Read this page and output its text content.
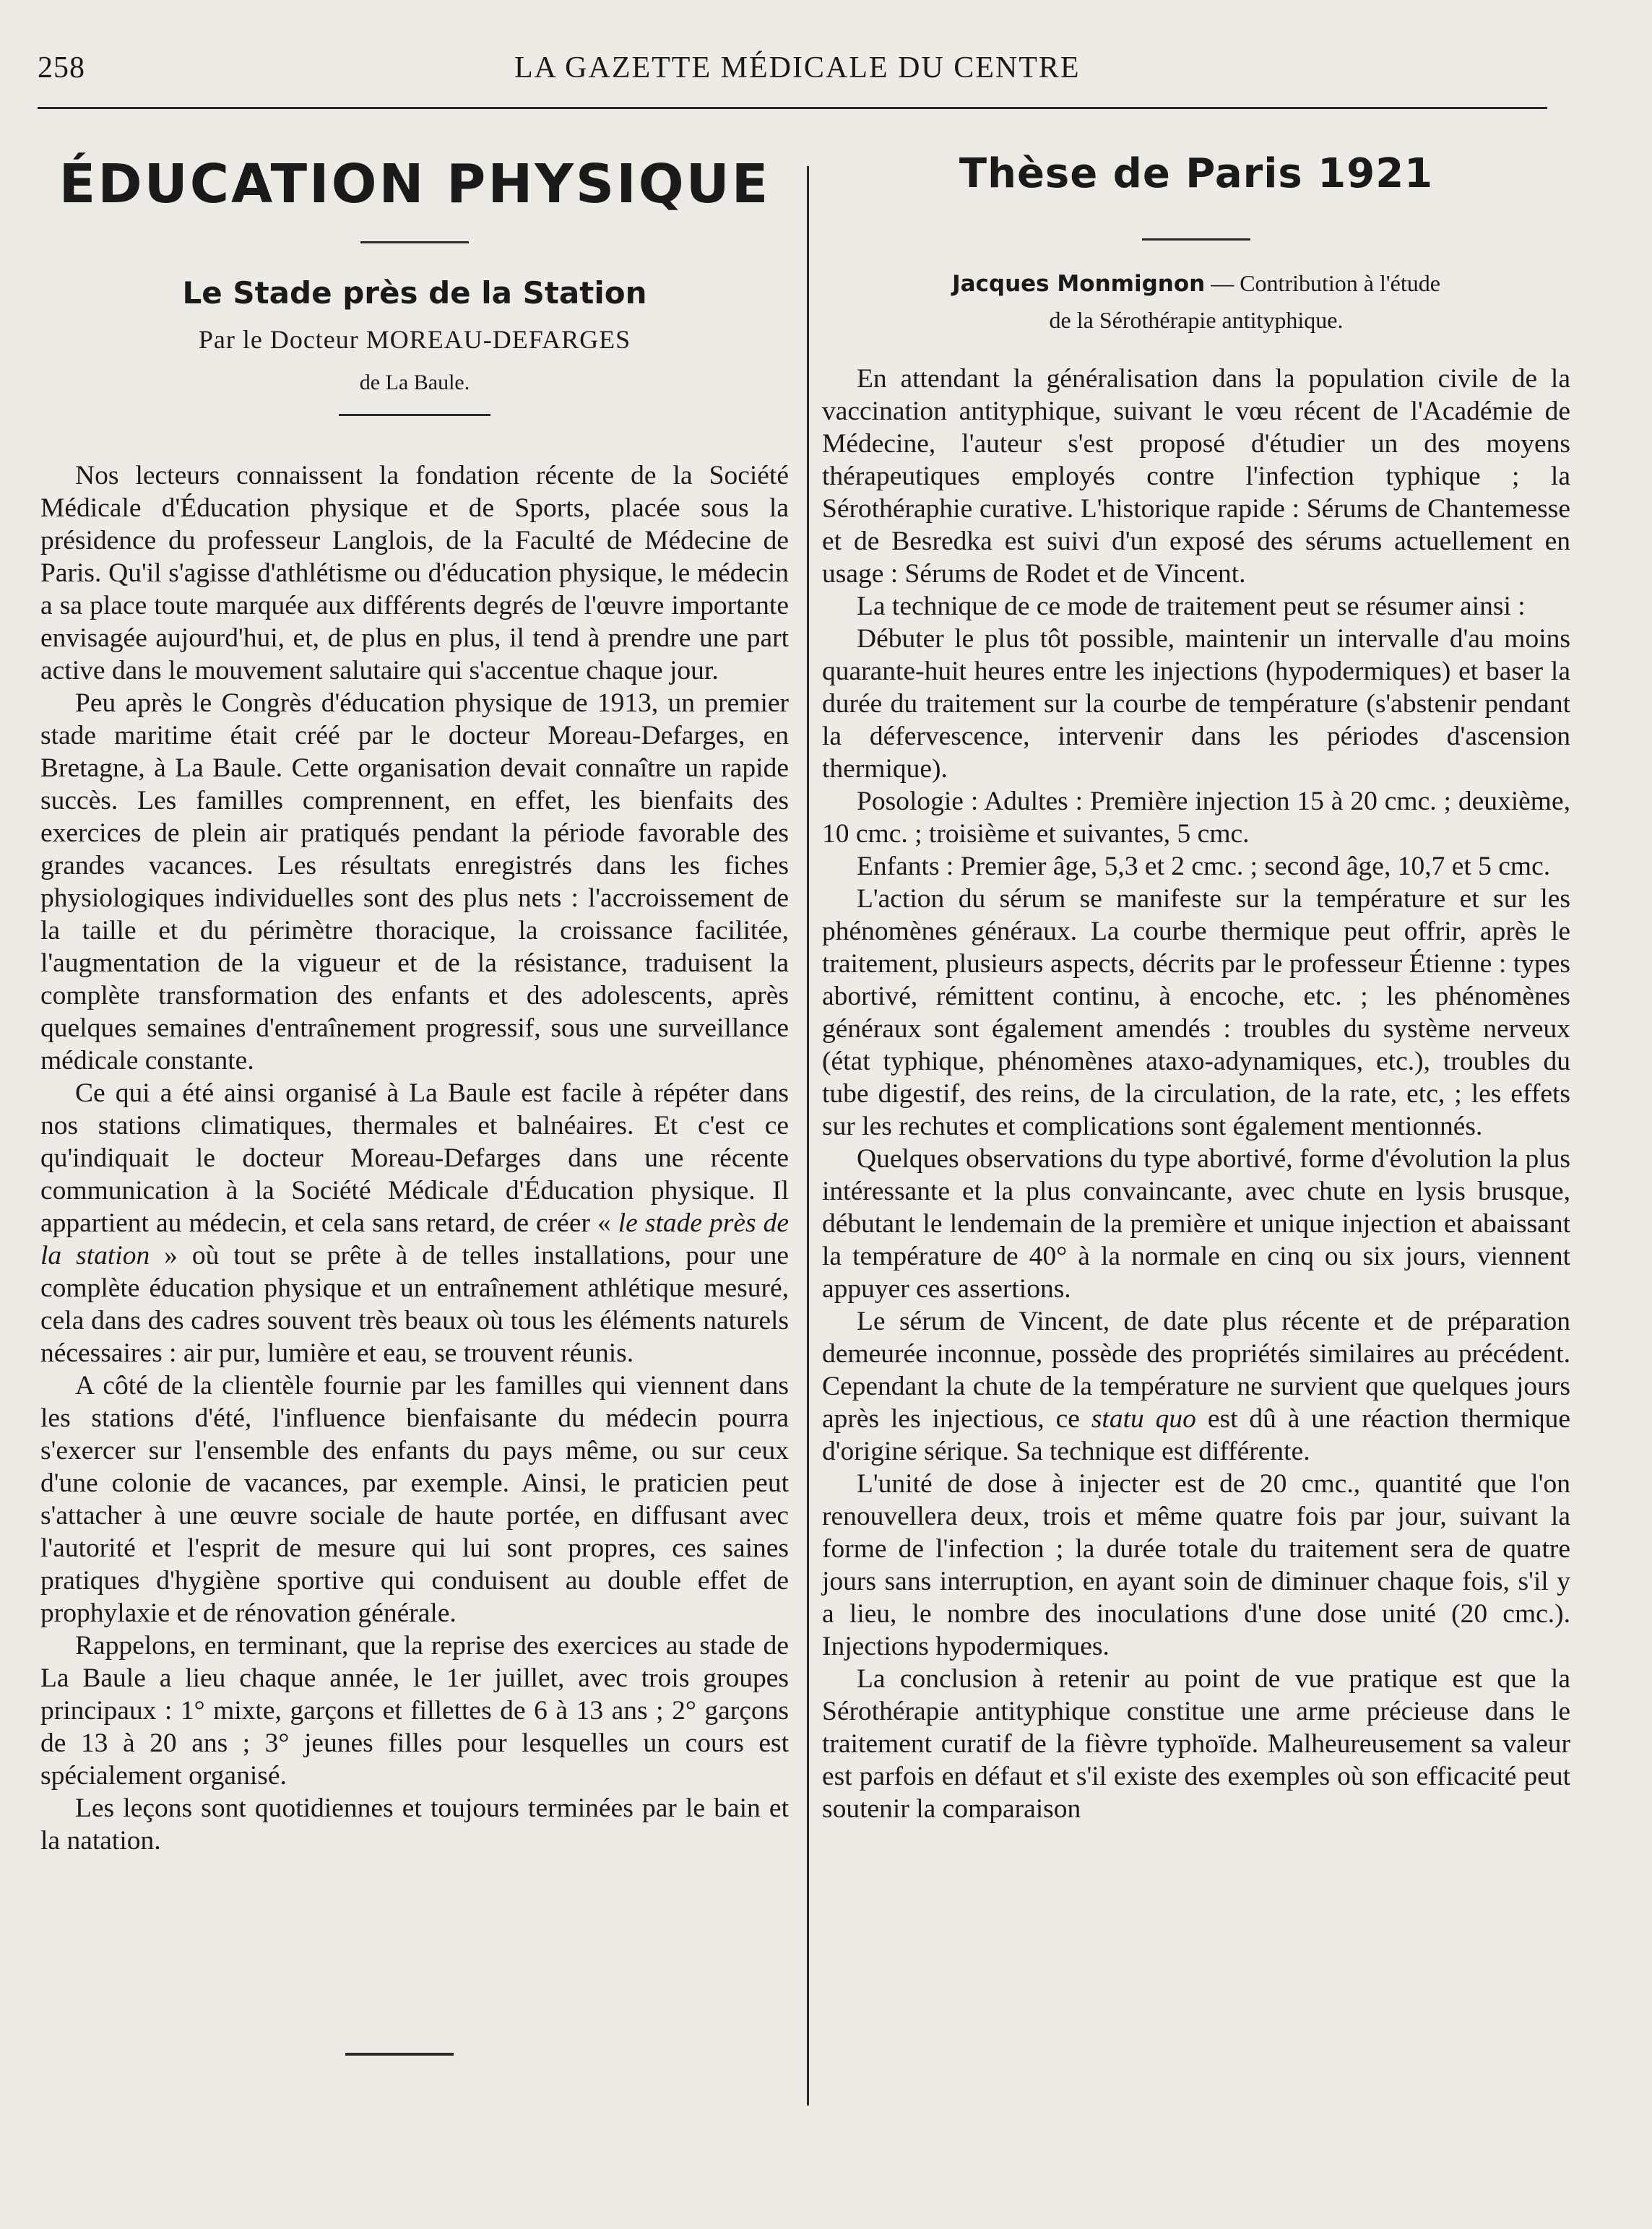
258	LA GAZETTE MÉDICALE DU CENTRE
ÉDUCATION PHYSIQUE
Le Stade près de la Station
Par le Docteur MOREAU-DEFARGES
de La Baule.

Nos lecteurs connaissent la fondation récente de la Société Médicale d'Éducation physique et de Sports, placée sous la présidence du professeur Langlois, de la Faculté de Médecine de Paris. Qu'il s'agisse d'athlétisme ou d'éducation physique, le médecin a sa place toute marquée aux différents degrés de l'œuvre importante envisagée aujourd'hui, et, de plus en plus, il tend à prendre une part active dans le mouvement salutaire qui s'accentue chaque jour.

Peu après le Congrès d'éducation physique de 1913, un premier stade maritime était créé par le docteur Moreau-Defarges, en Bretagne, à La Baule. Cette organisation devait connaître un rapide succès. Les familles comprennent, en effet, les bienfaits des exercices de plein air pratiqués pendant la période favorable des grandes vacances. Les résultats enregistrés dans les fiches physiologiques individuelles sont des plus nets : l'accroissement de la taille et du périmètre thoracique, la croissance facilitée, l'augmentation de la vigueur et de la résistance, traduisent la complète transformation des enfants et des adolescents, après quelques semaines d'entraînement progressif, sous une surveillance médicale constante.

Ce qui a été ainsi organisé à La Baule est facile à répéter dans nos stations climatiques, thermales et balnéaires. Et c'est ce qu'indiquait le docteur Moreau-Defarges dans une récente communication à la Société Médicale d'Éducation physique. Il appartient au médecin, et cela sans retard, de créer « le stade près de la station » où tout se prête à de telles installations, pour une complète éducation physique et un entraînement athlétique mesuré, cela dans des cadres souvent très beaux où tous les éléments naturels nécessaires : air pur, lumière et eau, se trouvent réunis.

A côté de la clientèle fournie par les familles qui viennent dans les stations d'été, l'influence bienfaisante du médecin pourra s'exercer sur l'ensemble des enfants du pays même, ou sur ceux d'une colonie de vacances, par exemple. Ainsi, le praticien peut s'attacher à une œuvre sociale de haute portée, en diffusant avec l'autorité et l'esprit de mesure qui lui sont propres, ces saines pratiques d'hygiène sportive qui conduisent au double effet de prophylaxie et de rénovation générale.

Rappelons, en terminant, que la reprise des exercices au stade de La Baule a lieu chaque année, le 1er juillet, avec trois groupes principaux : 1° mixte, garçons et fillettes de 6 à 13 ans ; 2° garçons de 13 à 20 ans ; 3° jeunes filles pour lesquelles un cours est spécialement organisé.

Les leçons sont quotidiennes et toujours terminées par le bain et la natation.

Thèse de Paris 1921
Jacques Monmignon — Contribution à l'étude
de la Sérothérapie antityphique.

En attendant la généralisation dans la population civile de la vaccination antityphique, suivant le vœu récent de l'Académie de Médecine, l'auteur s'est proposé d'étudier un des moyens thérapeutiques employés contre l'infection typhique ; la Sérothéraphie curative. L'historique rapide : Sérums de Chantemesse et de Besredka est suivi d'un exposé des sérums actuellement en usage : Sérums de Rodet et de Vincent.

La technique de ce mode de traitement peut se résumer ainsi :

Débuter le plus tôt possible, maintenir un intervalle d'au moins quarante-huit heures entre les injections (hypodermiques) et baser la durée du traitement sur la courbe de température (s'abstenir pendant la défervescence, intervenir dans les périodes d'ascension thermique).

Posologie : Adultes : Première injection 15 à 20 cmc. ; deuxième, 10 cmc. ; troisième et suivantes, 5 cmc.

Enfants : Premier âge, 5,3 et 2 cmc. ; second âge, 10,7 et 5 cmc.

L'action du sérum se manifeste sur la température et sur les phénomènes généraux. La courbe thermique peut offrir, après le traitement, plusieurs aspects, décrits par le professeur Étienne : types abortivé, rémittent continu, à encoche, etc. ; les phénomènes généraux sont également amendés : troubles du système nerveux (état typhique, phénomènes ataxo-adynamiques, etc.), troubles du tube digestif, des reins, de la circulation, de la rate, etc, ; les effets sur les rechutes et complications sont également mentionnés.

Quelques observations du type abortivé, forme d'évolution la plus intéressante et la plus convaincante, avec chute en lysis brusque, débutant le lendemain de la première et unique injection et abaissant la température de 40° à la normale en cinq ou six jours, viennent appuyer ces assertions.

Le sérum de Vincent, de date plus récente et de préparation demeurée inconnue, possède des propriétés similaires au précédent. Cependant la chute de la température ne survient que quelques jours après les injectious, ce statu quo est dû à une réaction thermique d'origine sérique. Sa technique est différente.

L'unité de dose à injecter est de 20 cmc., quantité que l'on renouvellera deux, trois et même quatre fois par jour, suivant la forme de l'infection ; la durée totale du traitement sera de quatre jours sans interruption, en ayant soin de diminuer chaque fois, s'il y a lieu, le nombre des inoculations d'une dose unité (20 cmc.). Injections hypodermiques.

La conclusion à retenir au point de vue pratique est que la Sérothérapie antityphique constitue une arme précieuse dans le traitement curatif de la fièvre typhoïde. Malheureusement sa valeur est parfois en défaut et s'il existe des exemples où son efficacité peut soutenir la comparaison
